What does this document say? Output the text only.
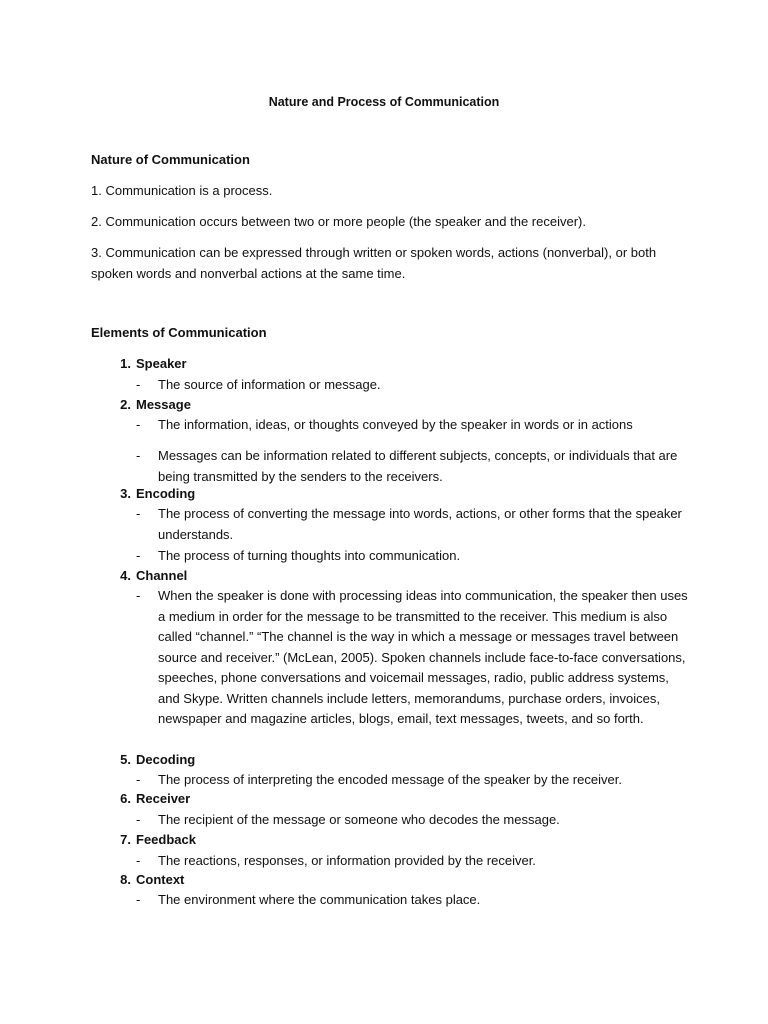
Nature and Process of Communication
Nature of Communication
1. Communication is a process.
2. Communication occurs between two or more people (the speaker and the receiver).
3. Communication can be expressed through written or spoken words, actions (nonverbal), or both spoken words and nonverbal actions at the same time.
Elements of Communication
1. Speaker
- The source of information or message.
2. Message
- The information, ideas, or thoughts conveyed by the speaker in words or in actions
- Messages can be information related to different subjects, concepts, or individuals that are being transmitted by the senders to the receivers.
3. Encoding
- The process of converting the message into words, actions, or other forms that the speaker understands.
- The process of turning thoughts into communication.
4. Channel
- When the speaker is done with processing ideas into communication, the speaker then uses a medium in order for the message to be transmitted to the receiver. This medium is also called “channel.” “The channel is the way in which a message or messages travel between source and receiver.” (McLean, 2005). Spoken channels include face-to-face conversations, speeches, phone conversations and voicemail messages, radio, public address systems, and Skype. Written channels include letters, memorandums, purchase orders, invoices, newspaper and magazine articles, blogs, email, text messages, tweets, and so forth.
5. Decoding
- The process of interpreting the encoded message of the speaker by the receiver.
6. Receiver
- The recipient of the message or someone who decodes the message.
7. Feedback
- The reactions, responses, or information provided by the receiver.
8. Context
- The environment where the communication takes place.
